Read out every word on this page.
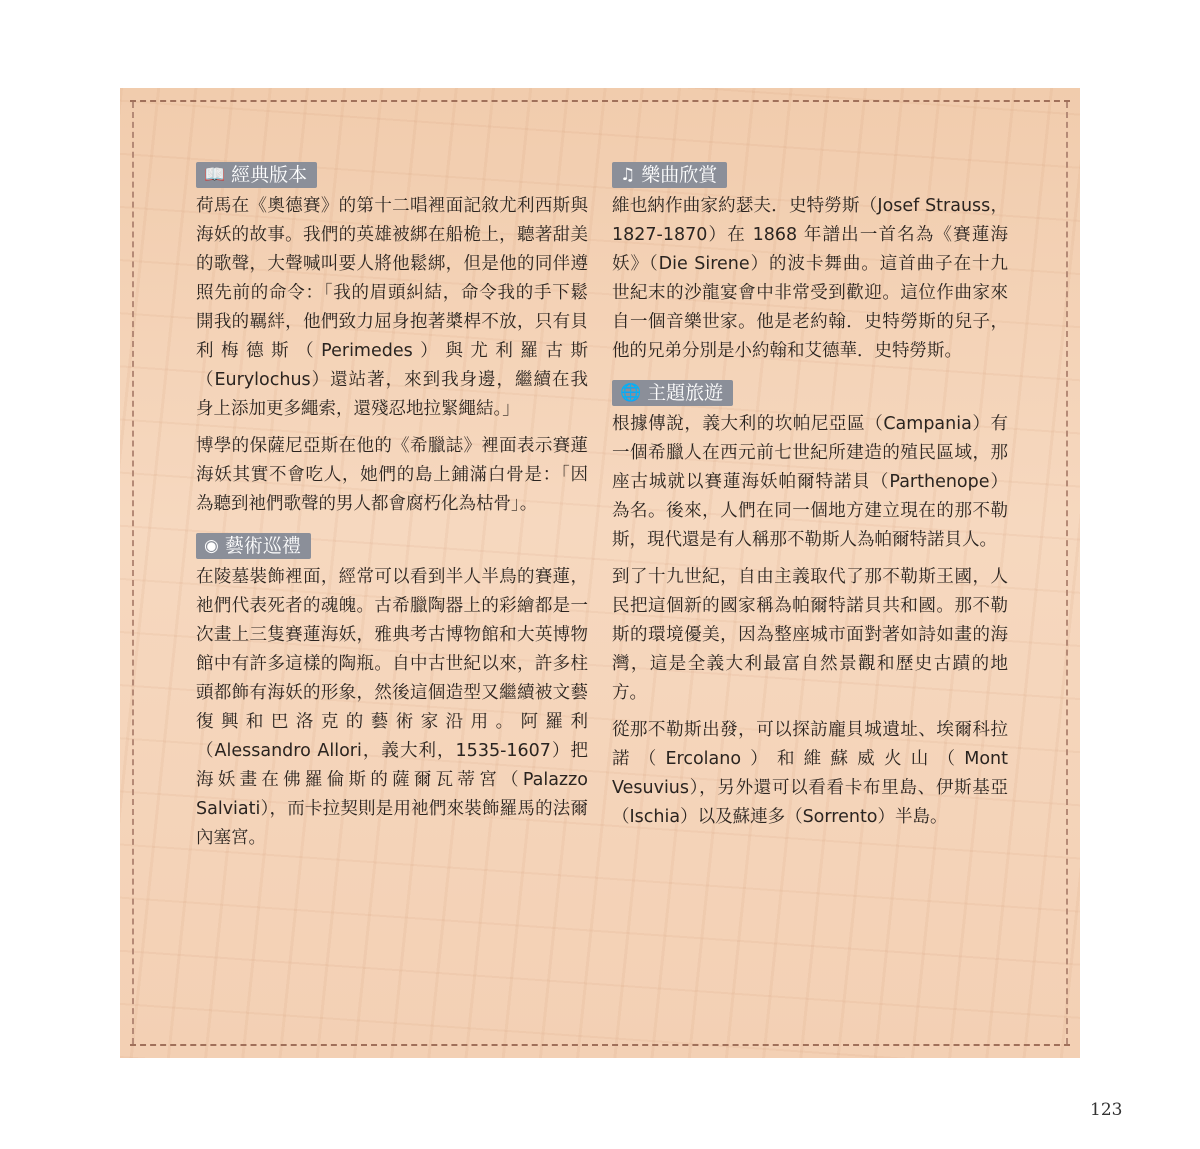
📖 經典版本

荷馬在《奧德賽》的第十二唱裡面記敘尤利西斯與海妖的故事。我們的英雄被綁在船桅上，聽著甜美的歌聲，大聲喊叫要人將他鬆綁，但是他的同伴遵照先前的命令：「我的眉頭糾結，命令我的手下鬆開我的羈絆，他們致力屈身抱著槳桿不放，只有貝利梅德斯（Perimedes）與尤利羅古斯（Eurylochus）還站著，來到我身邊，繼續在我身上添加更多繩索，還殘忍地拉緊繩結。」

博學的保薩尼亞斯在他的《希臘誌》裡面表示賽蓮海妖其實不會吃人，她們的島上鋪滿白骨是：「因為聽到祂們歌聲的男人都會腐朽化為枯骨」。

◉ 藝術巡禮

在陵墓裝飾裡面，經常可以看到半人半鳥的賽蓮，祂們代表死者的魂魄。古希臘陶器上的彩繪都是一次畫上三隻賽蓮海妖，雅典考古博物館和大英博物館中有許多這樣的陶瓶。自中古世紀以來，許多柱頭都飾有海妖的形象，然後這個造型又繼續被文藝復興和巴洛克的藝術家沿用。阿羅利（Alessandro Allori，義大利，1535-1607）把海妖畫在佛羅倫斯的薩爾瓦蒂宮（Palazzo Salviati），而卡拉契則是用祂們來裝飾羅馬的法爾內塞宮。

♫ 樂曲欣賞

維也納作曲家約瑟夫．史特勞斯（Josef Strauss，1827-1870）在 1868 年譜出一首名為《賽蓮海妖》（Die Sirene）的波卡舞曲。這首曲子在十九世紀末的沙龍宴會中非常受到歡迎。這位作曲家來自一個音樂世家。他是老約翰．史特勞斯的兒子，他的兄弟分別是小約翰和艾德華．史特勞斯。

🌐 主題旅遊

根據傳說，義大利的坎帕尼亞區（Campania）有一個希臘人在西元前七世紀所建造的殖民區域，那座古城就以賽蓮海妖帕爾特諾貝（Parthenope）為名。後來，人們在同一個地方建立現在的那不勒斯，現代還是有人稱那不勒斯人為帕爾特諾貝人。

到了十九世紀，自由主義取代了那不勒斯王國，人民把這個新的國家稱為帕爾特諾貝共和國。那不勒斯的環境優美，因為整座城市面對著如詩如畫的海灣，這是全義大利最富自然景觀和歷史古蹟的地方。

從那不勒斯出發，可以探訪龐貝城遺址、埃爾科拉諾（Ercolano）和維蘇威火山（Mont Vesuvius），另外還可以看看卡布里島、伊斯基亞（Ischia）以及蘇連多（Sorrento）半島。

123
